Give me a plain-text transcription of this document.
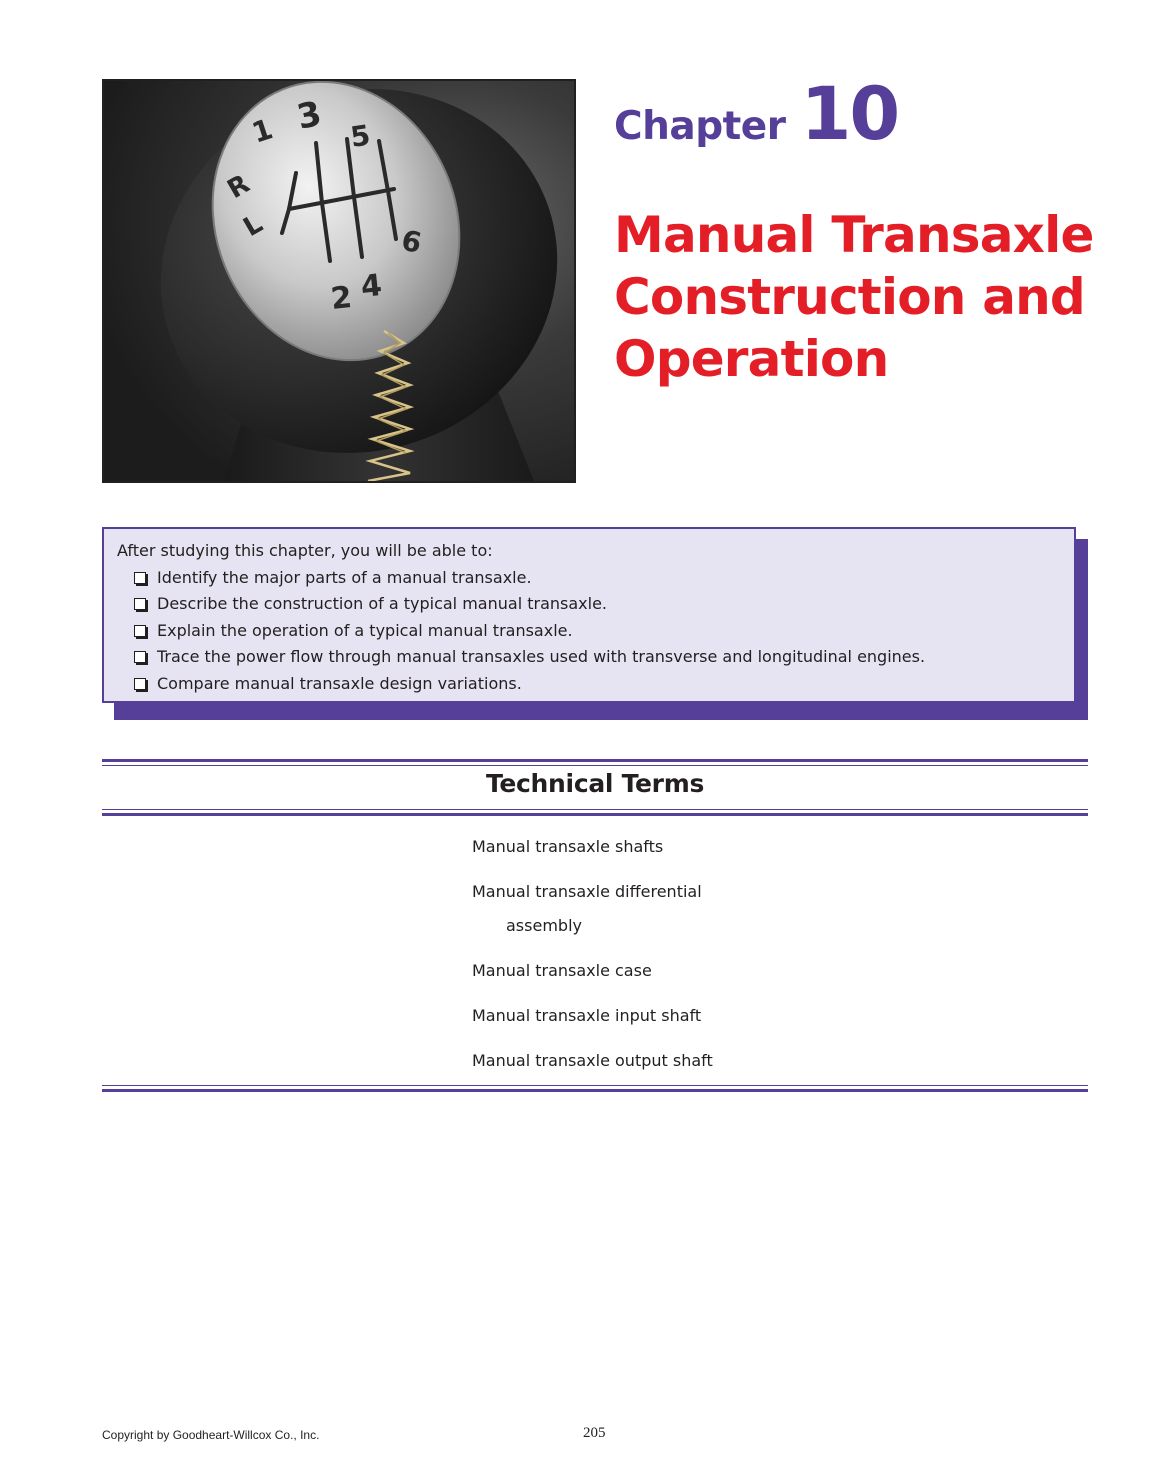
1 3 5
R
L	6
2 4
Chapter 10
Manual Transaxle Construction and Operation
After studying this chapter, you will be able to:
Identify the major parts of a manual transaxle.
Describe the construction of a typical manual transaxle.
Explain the operation of a typical manual transaxle.
Trace the power flow through manual transaxles used with transverse and longitudinal engines.
Compare manual transaxle design variations.
Technical Terms
Manual transaxle shafts
Manual transaxle differential assembly
Manual transaxle case
Manual transaxle input shaft
Manual transaxle output shaft
Copyright by Goodheart-Willcox Co., Inc.	205
